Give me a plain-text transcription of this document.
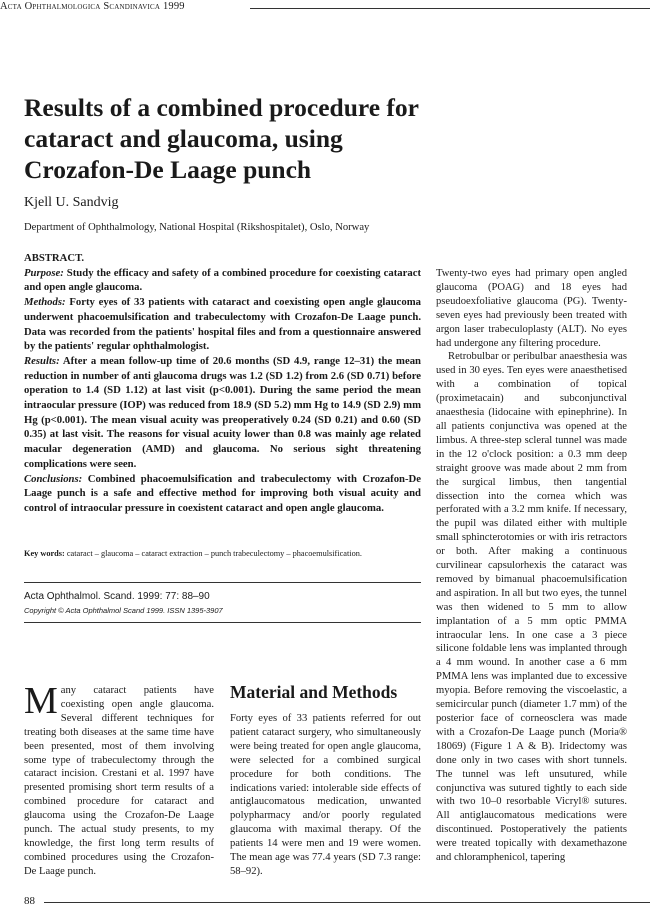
Acta Ophthalmologica Scandinavica 1999
Results of a combined procedure for cataract and glaucoma, using Crozafon-De Laage punch
Kjell U. Sandvig
Department of Ophthalmology, National Hospital (Rikshospitalet), Oslo, Norway

ABSTRACT.

Purpose: Study the efficacy and safety of a combined procedure for coexisting cataract and open angle glaucoma.

Methods: Forty eyes of 33 patients with cataract and coexisting open angle glaucoma underwent phacoemulsification and trabeculectomy with Crozafon-De Laage punch. Data was recorded from the patients' hospital files and from a questionnaire answered by the patients' regular ophthalmologist.

Results: After a mean follow-up time of 20.6 months (SD 4.9, range 12–31) the mean reduction in number of anti glaucoma drugs was 1.2 (SD 1.2) from 2.6 (SD 0.71) before operation to 1.4 (SD 1.12) at last visit (p<0.001). During the same period the mean intraocular pressure (IOP) was reduced from 18.9 (SD 5.2) mm Hg to 14.9 (SD 2.9) mm Hg (p<0.001). The mean visual acuity was preoperatively 0.24 (SD 0.21) and 0.60 (SD 0.35) at last visit. The reasons for visual acuity lower than 0.8 was mainly age related macular degeneration (AMD) and glaucoma. No serious sight threatening complications were seen.

Conclusions: Combined phacoemulsification and trabeculectomy with Crozafon-De Laage punch is a safe and effective method for improving both visual acuity and control of intraocular pressure in coexistent cataract and open angle glaucoma.

Key words: cataract – glaucoma – cataract extraction – punch trabeculectomy – phacoemulsification.
Acta Ophthalmol. Scand. 1999: 77: 88–90
Copyright © Acta Ophthalmol Scand 1999. ISSN 1395-3907

Many cataract patients have coexisting open angle glaucoma. Several different techniques for treating both diseases at the same time have been presented, most of them involving some type of trabeculectomy through the cataract incision. Crestani et al. 1997 have presented promising short term results of a combined procedure for cataract and glaucoma using the Crozafon-De Laage punch. The actual study presents, to my knowledge, the first long term results of combined procedures using the Crozafon-De Laage punch.

Material and Methods

Forty eyes of 33 patients referred for out patient cataract surgery, who simultaneously were being treated for open angle glaucoma, were selected for a combined surgical procedure for both conditions. The indications varied: intolerable side effects of antiglaucomatous medication, unwanted polypharmacy and/or poorly regulated glaucoma with maximal therapy. Of the patients 14 were men and 19 were women. The mean age was 77.4 years (SD 7.3 range: 58–92).

Twenty-two eyes had primary open angled glaucoma (POAG) and 18 eyes had pseudoexfoliative glaucoma (PG). Twenty-seven eyes had previously been treated with argon laser trabeculoplasty (ALT). No eyes had undergone any filtering procedure.

Retrobulbar or peribulbar anaesthesia was used in 30 eyes. Ten eyes were anaesthetised with a combination of topical (proximetacain) and subconjunctival anaesthesia (lidocaine with epinephrine). In all patients conjunctiva was opened at the limbus. A three-step scleral tunnel was made in the 12 o'clock position: a 0.3 mm deep straight groove was made about 2 mm from the surgical limbus, then tangential dissection into the cornea which was perforated with a 3.2 mm knife. If necessary, the pupil was dilated either with multiple small sphincterotomies or with iris retractors or both. After making a continuous curvilinear capsulorhexis the cataract was removed by bimanual phacoemulsification and aspiration. In all but two eyes, the tunnel was then widened to 5 mm to allow implantation of a 5 mm optic PMMA intraocular lens. In one case a 3 piece silicone foldable lens was implanted through a 4 mm wound. In another case a 6 mm PMMA lens was implanted due to excessive myopia. Before removing the viscoelastic, a semicircular punch (diameter 1.7 mm) of the posterior face of corneosclera was made with a Crozafon-De Laage punch (Moria® 18069) (Figure 1 A & B). Iridectomy was done only in two cases with short tunnels. The tunnel was left unsutured, while conjunctiva was sutured tightly to each side with two 10–0 resorbable Vicryl® sutures. All antiglaucomatous medications were discontinued. Postoperatively the patients were treated topically with dexamethazone and chloramphenicol, tapering

88
